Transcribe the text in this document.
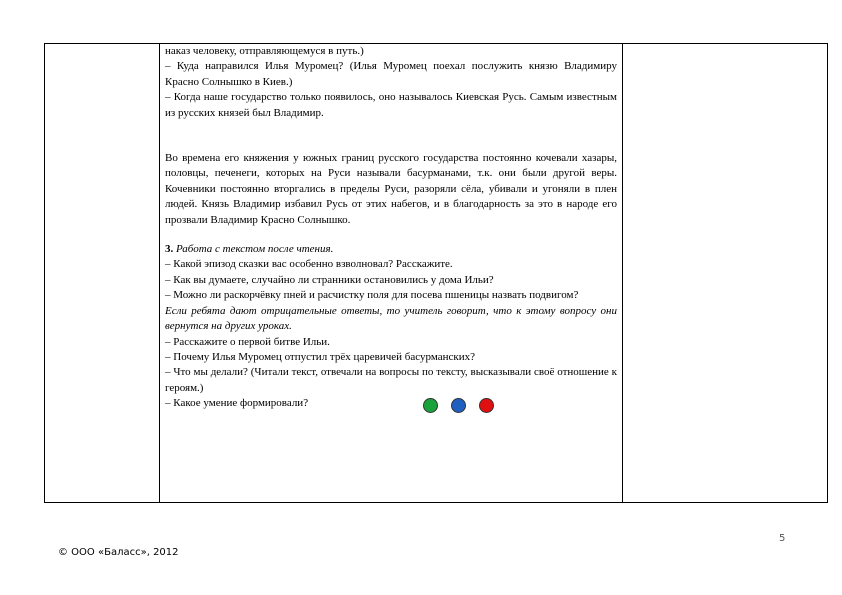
наказ человеку, отправляющемуся в путь.)

– Куда направился Илья Муромец? (Илья Муромец поехал послужить князю Владимиру Красно Солнышко в Киев.)

– Когда наше государство только появилось, оно называлось Киевская Русь. Самым известным из русских князей был Владимир.

Во времена его княжения у южных границ русского государства постоянно кочевали хазары, половцы, печенеги, которых на Руси называли басурманами, т.к. они были другой веры. Кочевники постоянно вторгались в пределы Руси, разоряли сёла, убивали и угоняли в плен людей. Князь Владимир избавил Русь от этих набегов, и в благодарность за это в народе его прозвали Владимир Красно Солнышко.

3. Работа с текстом после чтения.

– Какой эпизод сказки вас особенно взволновал? Расскажите.

– Как вы думаете, случайно ли странники остановились у дома Ильи?

– Можно ли раскорчёвку пней и расчистку поля для посева пшеницы назвать подвигом?

Если ребята дают отрицательные ответы, то учитель говорит, что к этому вопросу они вернутся на других уроках.

– Расскажите о первой битве Ильи.

– Почему Илья Муромец отпустил трёх царевичей басурманских?

– Что мы делали? (Читали текст, отвечали на вопросы по тексту, высказывали своё отношение к героям.)

– Какое умение формировали?

5
© ООО «Баласс», 2012
